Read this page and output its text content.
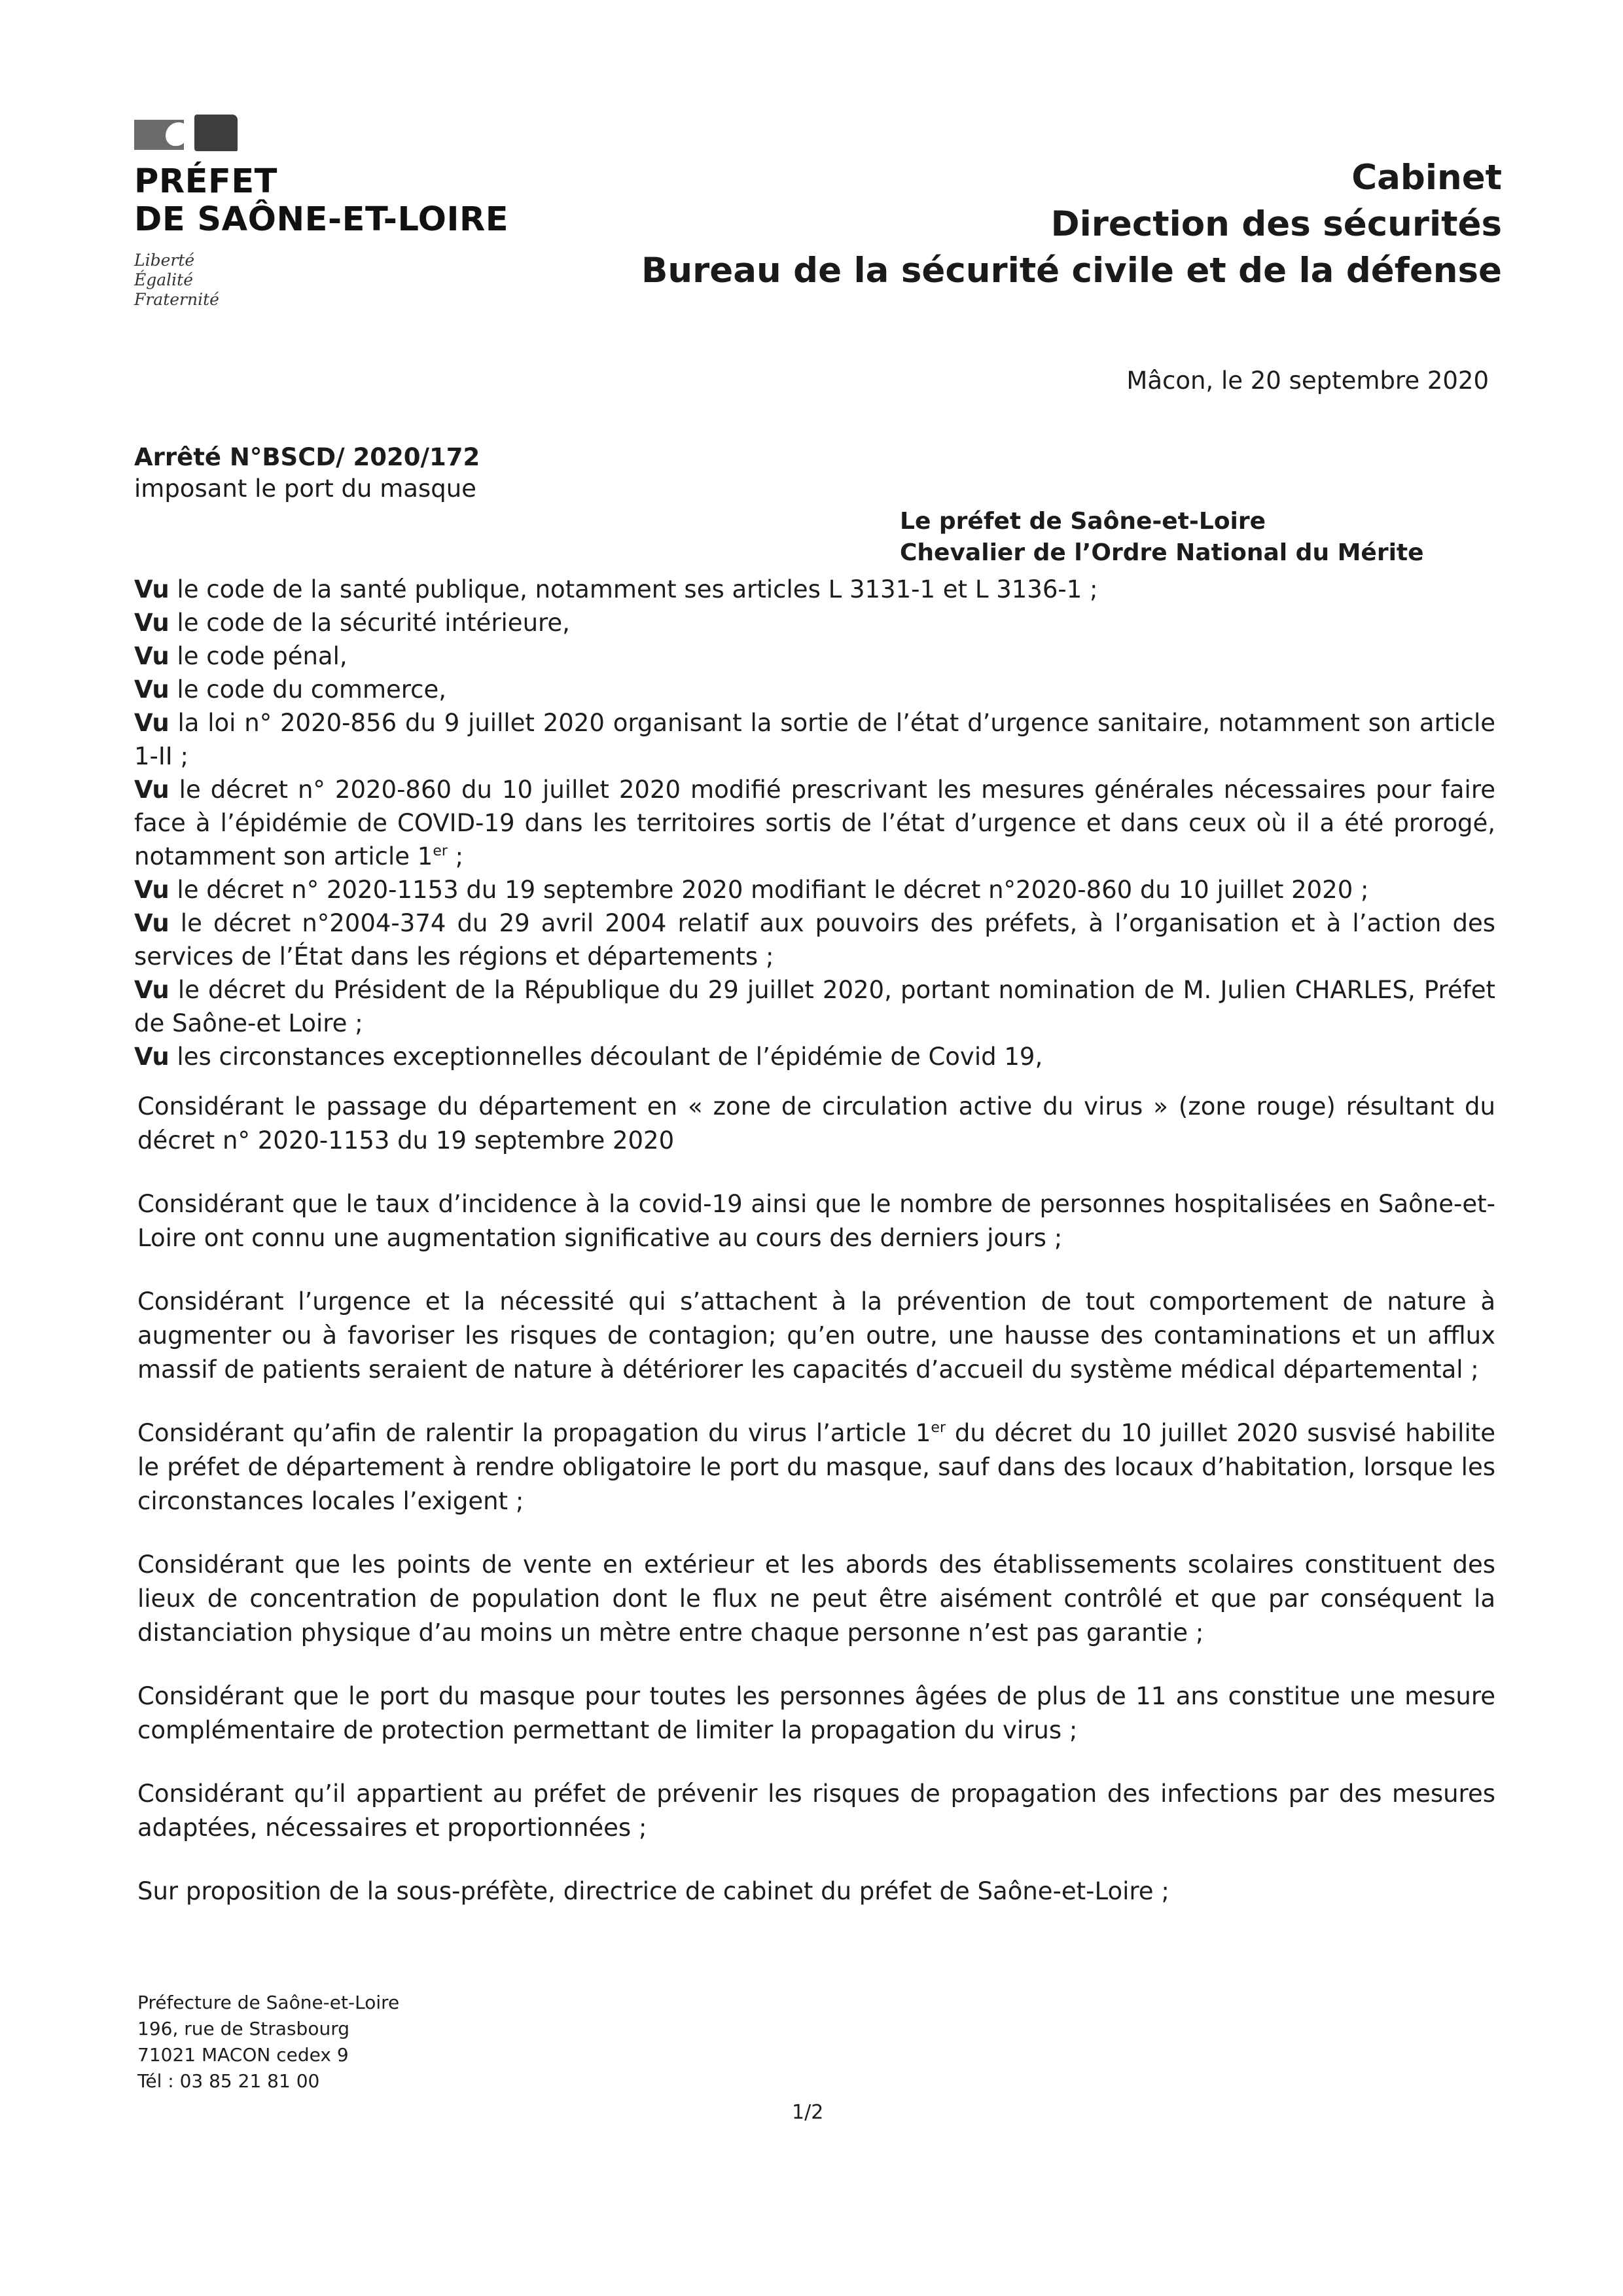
PRÉFET
DE SAÔNE-ET-LOIRE
Liberté
Égalité
Fraternité
Cabinet
Direction des sécurités
Bureau de la sécurité civile et de la défense
Mâcon, le 20 septembre 2020
Arrêté N°BSCD/ 2020/172
imposant le port du masque
Le préfet de Saône-et-Loire
Chevalier de l’Ordre National du Mérite
Vu le code de la santé publique, notamment ses articles L 3131-1 et L 3136-1 ;
Vu le code de la sécurité intérieure,
Vu le code pénal,
Vu le code du commerce,
Vu la loi n° 2020-856 du 9 juillet 2020 organisant la sortie de l’état d’urgence sanitaire, notamment son article 1-II ;
Vu le décret n° 2020-860 du 10 juillet 2020 modifié prescrivant les mesures générales nécessaires pour faire face à l’épidémie de COVID-19 dans les territoires sortis de l’état d’urgence et dans ceux où il a été prorogé, notamment son article 1er ;
Vu le décret n° 2020-1153 du 19 septembre 2020 modifiant le décret n°2020-860 du 10 juillet 2020 ;
Vu le décret n°2004-374 du 29 avril 2004 relatif aux pouvoirs des préfets, à l’organisation et à l’action des services de l’État dans les régions et départements ;
Vu le décret du Président de la République du 29 juillet 2020, portant nomination de M. Julien CHARLES, Préfet de Saône-et Loire ;
Vu les circonstances exceptionnelles découlant de l’épidémie de Covid 19,
Considérant le passage du département en « zone de circulation active du virus » (zone rouge) résultant du décret n° 2020-1153 du 19 septembre 2020
Considérant que le taux d’incidence à la covid-19 ainsi que le nombre de personnes hospitalisées en Saône-et-Loire ont connu une augmentation significative au cours des derniers jours ;
Considérant l’urgence et la nécessité qui s’attachent à la prévention de tout comportement de nature à augmenter ou à favoriser les risques de contagion; qu’en outre, une hausse des contaminations et un afflux massif de patients seraient de nature à détériorer les capacités d’accueil du système médical départemental ;
Considérant qu’afin de ralentir la propagation du virus l’article 1er du décret du 10 juillet 2020 susvisé habilite le préfet de département à rendre obligatoire le port du masque, sauf dans des locaux d’habitation, lorsque les circonstances locales l’exigent ;
Considérant que les points de vente en extérieur et les abords des établissements scolaires constituent des lieux de concentration de population dont le flux ne peut être aisément contrôlé et que par conséquent la distanciation physique d’au moins un mètre entre chaque personne n’est pas garantie ;
Considérant que le port du masque pour toutes les personnes âgées de plus de 11 ans constitue une mesure complémentaire de protection permettant de limiter la propagation du virus ;
Considérant qu’il appartient au préfet de prévenir les risques de propagation des infections par des mesures adaptées, nécessaires et proportionnées ;
Sur proposition de la sous-préfète, directrice de cabinet du préfet de Saône-et-Loire ;
Préfecture de Saône-et-Loire
196, rue de Strasbourg
71021 MACON cedex 9
Tél : 03 85 21 81 00
1/2
